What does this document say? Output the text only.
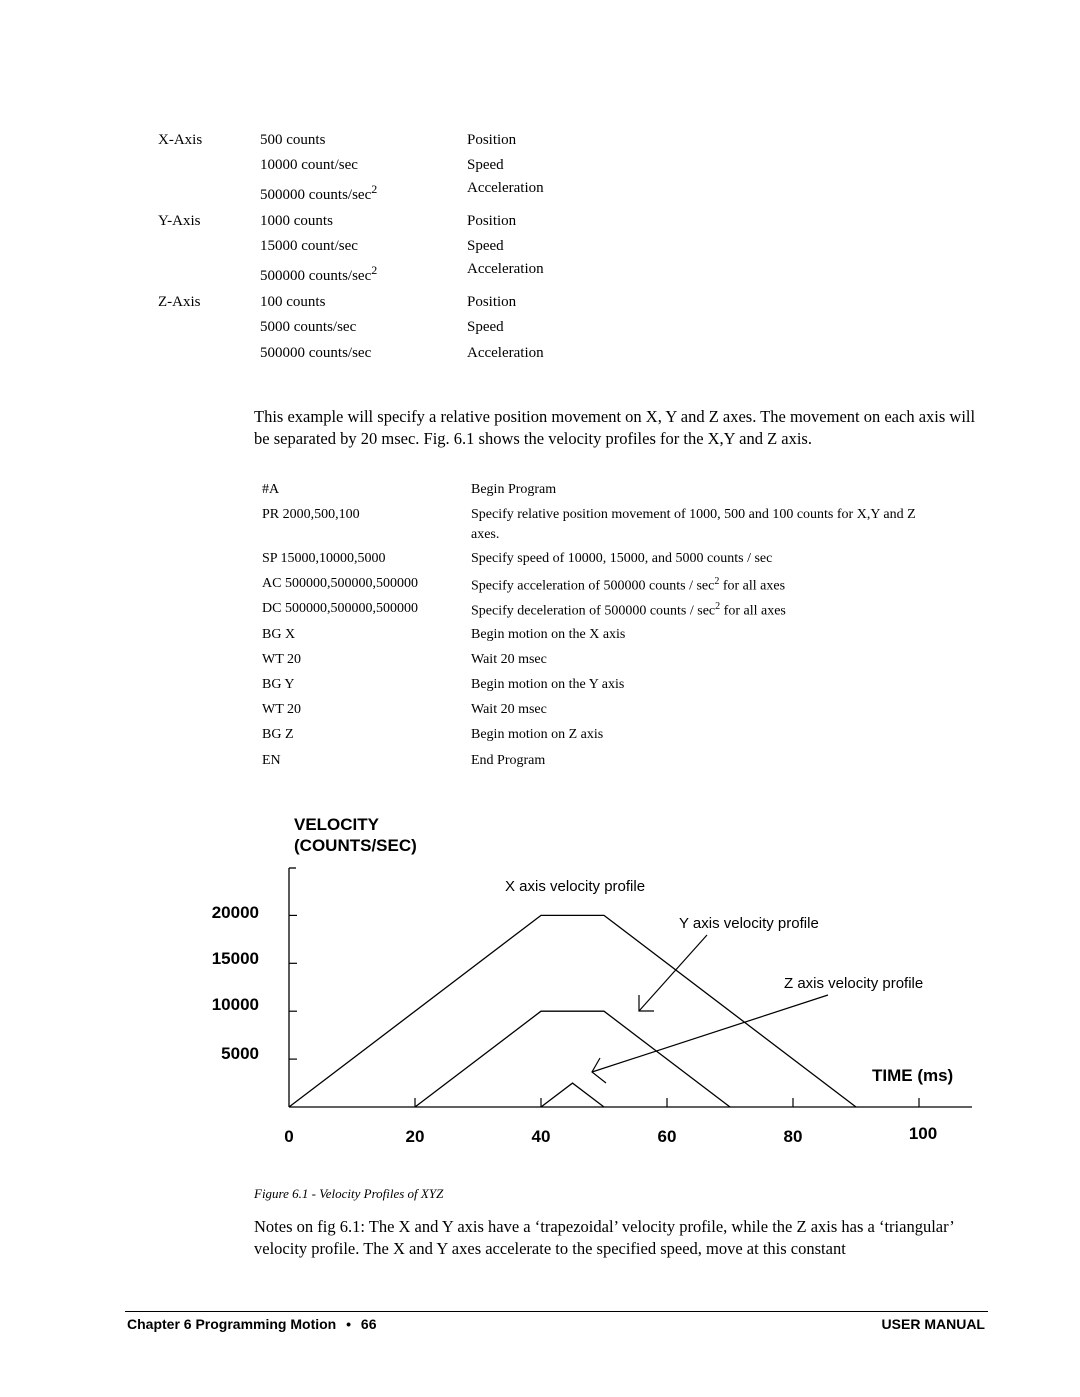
X-Axis	500 counts	Position
10000 count/sec	Speed
500000 counts/$\sec^2$	Acceleration
Y-Axis	1000 counts	Position
15000 count/sec	Speed
500000 counts/$\sec^2$	Acceleration
Z-Axis	100 counts	Position
5000 counts/sec	Speed
500000 counts/sec	Acceleration
This example will specify a relative position movement on X, Y and Z axes. The movement on each axis will be separated by 20 msec. Fig. 6.1 shows the velocity profiles for the X,Y and Z axis.
#A	Begin Program
PR 2000,500,100	Specify relative position movement of 1000, 500 and 100 counts for X,Y and Z
axes.
SP 15000,10000,5000	Specify speed of 10000, 15000, and 5000 counts / sec
AC 500000,500000,500000	Specify acceleration of 500000 counts / $\sec^2$ for all axes
DC 500000,500000,500000	Specify deceleration of 500000 counts / $\sec^2$ for all axes
BG X	Begin motion on the X axis
WT 20	Wait 20 msec
BG Y	Begin motion on the Y axis
WT 20	Wait 20 msec
BG Z	Begin motion on Z axis
EN	End Program
VELOCITY
(COUNTS/SEC)
20000
15000
10000
5000
0	20	40	60	80	100
X axis velocity profile
Y axis velocity profile
Z axis velocity profile
TIME (ms)
Figure 6.1 - Velocity Profiles of XYZ
Notes on fig 6.1: The X and Y axis have a ‘trapezoidal’ velocity profile, while the Z axis has a ‘triangular’ velocity profile. The X and Y axes accelerate to the specified speed, move at this constant
Chapter 6 Programming Motion • 66	USER MANUAL
